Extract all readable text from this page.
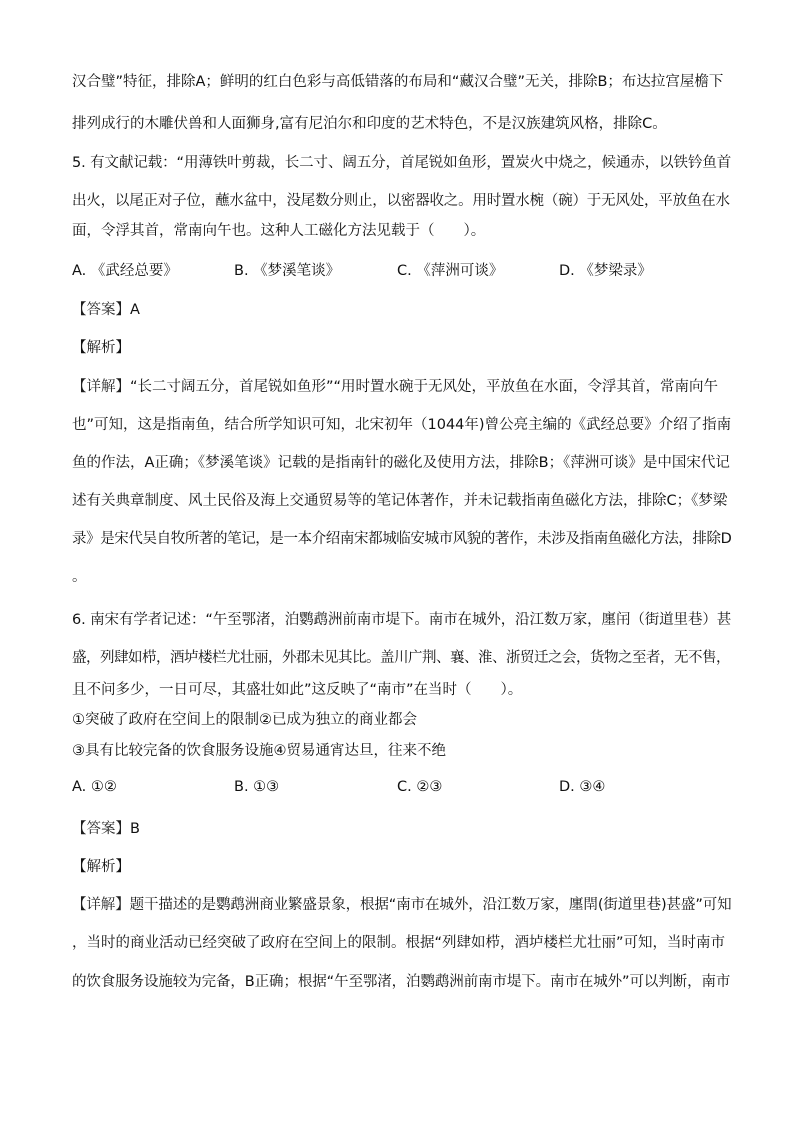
汉合璧”特征，排除A；鲜明的红白色彩与高低错落的布局和“藏汉合璧”无关，排除B；布达拉宫屋檐下
排列成行的木雕伏兽和人面狮身,富有尼泊尔和印度的艺术特色，不是汉族建筑风格，排除C。
5. 有文献记载：“用薄铁叶剪裁，长二寸、阔五分，首尾锐如鱼形，置炭火中烧之，候通赤，以铁钤鱼首
出火，以尾正对子位，蘸水盆中，没尾数分则止，以密器收之。用时置水椀（碗）于无风处，平放鱼在水
面，令浮其首，常南向午也。这种人工磁化方法见载于（　　）。
A. 《武经总要》	B. 《梦溪笔谈》	C. 《萍洲可谈》	D. 《梦梁录》
【答案】A
【解析】
【详解】“长二寸阔五分，首尾锐如鱼形”“用时置水碗于无风处，平放鱼在水面，令浮其首，常南向午
也”可知，这是指南鱼，结合所学知识可知，北宋初年（1044年)曾公亮主编的《武经总要》介绍了指南
鱼的作法，A正确；《梦溪笔谈》记载的是指南针的磁化及使用方法，排除B；《萍洲可谈》是中国宋代记
述有关典章制度、风土民俗及海上交通贸易等的笔记体著作，并未记载指南鱼磁化方法，排除C；《梦梁
录》是宋代吴自牧所著的笔记，是一本介绍南宋都城临安城市风貌的著作，未涉及指南鱼磁化方法，排除D
。
6. 南宋有学者记述：“午至鄂渚，泊鹦鹉洲前南市堤下。南市在城外，沿江数万家，廛闬（街道里巷）甚
盛，列肆如栉，酒垆楼栏尤壮丽，外郡未见其比。盖川广荆、襄、淮、浙贸迁之会，货物之至者，无不售，
且不问多少，一日可尽，其盛壮如此”这反映了“南市”在当时（　　）。
①突破了政府在空间上的限制②已成为独立的商业都会
③具有比较完备的饮食服务设施④贸易通宵达旦，往来不绝
A. ①②	B. ①③	C. ②③	D. ③④
【答案】B
【解析】
【详解】题干描述的是鹦鹉洲商业繁盛景象，根据“南市在城外，沿江数万家，廛閈(街道里巷)甚盛”可知
，当时的商业活动已经突破了政府在空间上的限制。根据“列肆如栉，酒垆楼栏尤壮丽”可知，当时南市
的饮食服务设施较为完备，B正确；根据“午至鄂渚，泊鹦鹉洲前南市堤下。南市在城外”可以判断，南市
